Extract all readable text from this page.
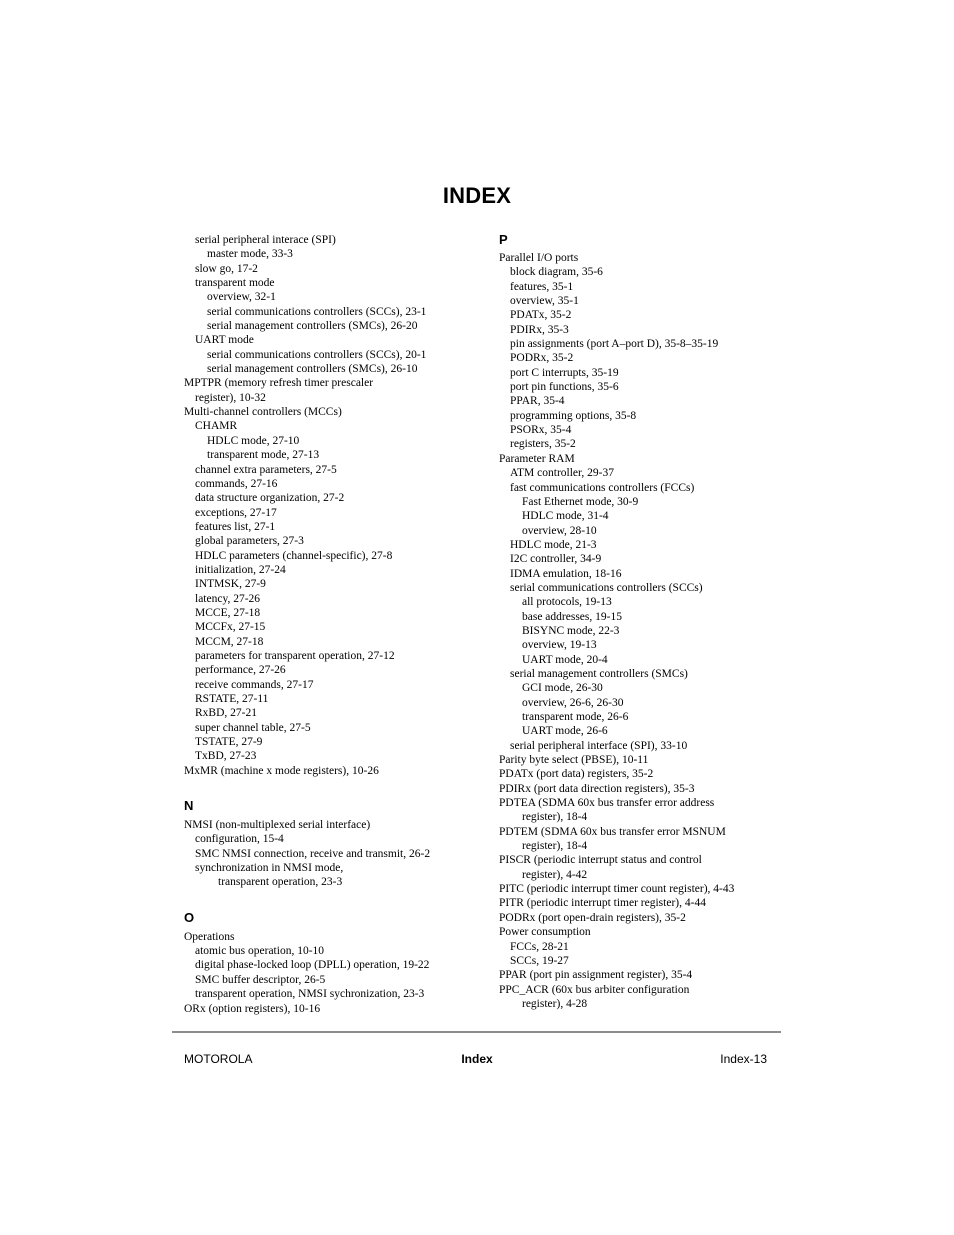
INDEX
serial peripheral interace (SPI)
master mode, 33-3
slow go, 17-2
transparent mode
overview, 32-1
serial communications controllers (SCCs), 23-1
serial management controllers (SMCs), 26-20
UART mode
serial communications controllers (SCCs), 20-1
serial management controllers (SMCs), 26-10
MPTPR (memory refresh timer prescaler
register), 10-32
Multi-channel controllers (MCCs)
CHAMR
HDLC mode, 27-10
transparent mode, 27-13
channel extra parameters, 27-5
commands, 27-16
data structure organization, 27-2
exceptions, 27-17
features list, 27-1
global parameters, 27-3
HDLC parameters (channel-specific), 27-8
initialization, 27-24
INTMSK, 27-9
latency, 27-26
MCCE, 27-18
MCCFx, 27-15
MCCM, 27-18
parameters for transparent operation, 27-12
performance, 27-26
receive commands, 27-17
RSTATE, 27-11
RxBD, 27-21
super channel table, 27-5
TSTATE, 27-9
TxBD, 27-23
MxMR (machine x mode registers), 10-26
N
NMSI (non-multiplexed serial interface)
configuration, 15-4
SMC NMSI connection, receive and transmit, 26-2
synchronization in NMSI mode,
transparent operation, 23-3
O
Operations
atomic bus operation, 10-10
digital phase-locked loop (DPLL) operation, 19-22
SMC buffer descriptor, 26-5
transparent operation, NMSI sychronization, 23-3
ORx (option registers), 10-16
P
Parallel I/O ports
block diagram, 35-6
features, 35-1
overview, 35-1
PDATx, 35-2
PDIRx, 35-3
pin assignments (port A–port D), 35-8–35-19
PODRx, 35-2
port C interrupts, 35-19
port pin functions, 35-6
PPAR, 35-4
programming options, 35-8
PSORx, 35-4
registers, 35-2
Parameter RAM
ATM controller, 29-37
fast communications controllers (FCCs)
Fast Ethernet mode, 30-9
HDLC mode, 31-4
overview, 28-10
HDLC mode, 21-3
I2C controller, 34-9
IDMA emulation, 18-16
serial communications controllers (SCCs)
all protocols, 19-13
base addresses, 19-15
BISYNC mode, 22-3
overview, 19-13
UART mode, 20-4
serial management controllers (SMCs)
GCI mode, 26-30
overview, 26-6, 26-30
transparent mode, 26-6
UART mode, 26-6
serial peripheral interface (SPI), 33-10
Parity byte select (PBSE), 10-11
PDATx (port data) registers, 35-2
PDIRx (port data direction registers), 35-3
PDTEA (SDMA 60x bus transfer error address
register), 18-4
PDTEM (SDMA 60x bus transfer error MSNUM
register), 18-4
PISCR (periodic interrupt status and control
register), 4-42
PITC (periodic interrupt timer count register), 4-43
PITR (periodic interrupt timer register), 4-44
PODRx (port open-drain registers), 35-2
Power consumption
FCCs, 28-21
SCCs, 19-27
PPAR (port pin assignment register), 35-4
PPC_ACR (60x bus arbiter configuration
register), 4-28
MOTOROLA	Index	Index-13
